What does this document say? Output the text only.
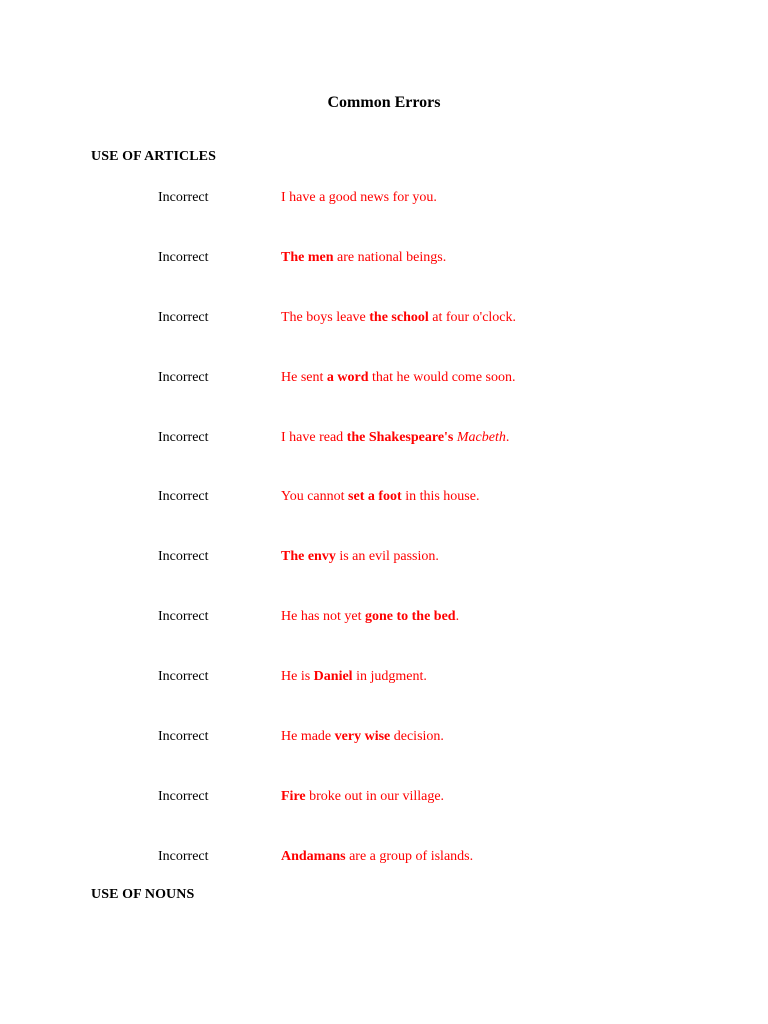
Common Errors
USE OF ARTICLES
Incorrect	I have a good news for you.
Incorrect	The men are national beings.
Incorrect	The boys leave the school at four o'clock.
Incorrect	He sent a word that he would come soon.
Incorrect	I have read the Shakespeare's Macbeth.
Incorrect	You cannot set a foot in this house.
Incorrect	The envy is an evil passion.
Incorrect	He has not yet gone to the bed.
Incorrect	He is Daniel in judgment.
Incorrect	He made very wise decision.
Incorrect	Fire broke out in our village.
Incorrect	Andamans are a group of islands.
USE OF NOUNS
